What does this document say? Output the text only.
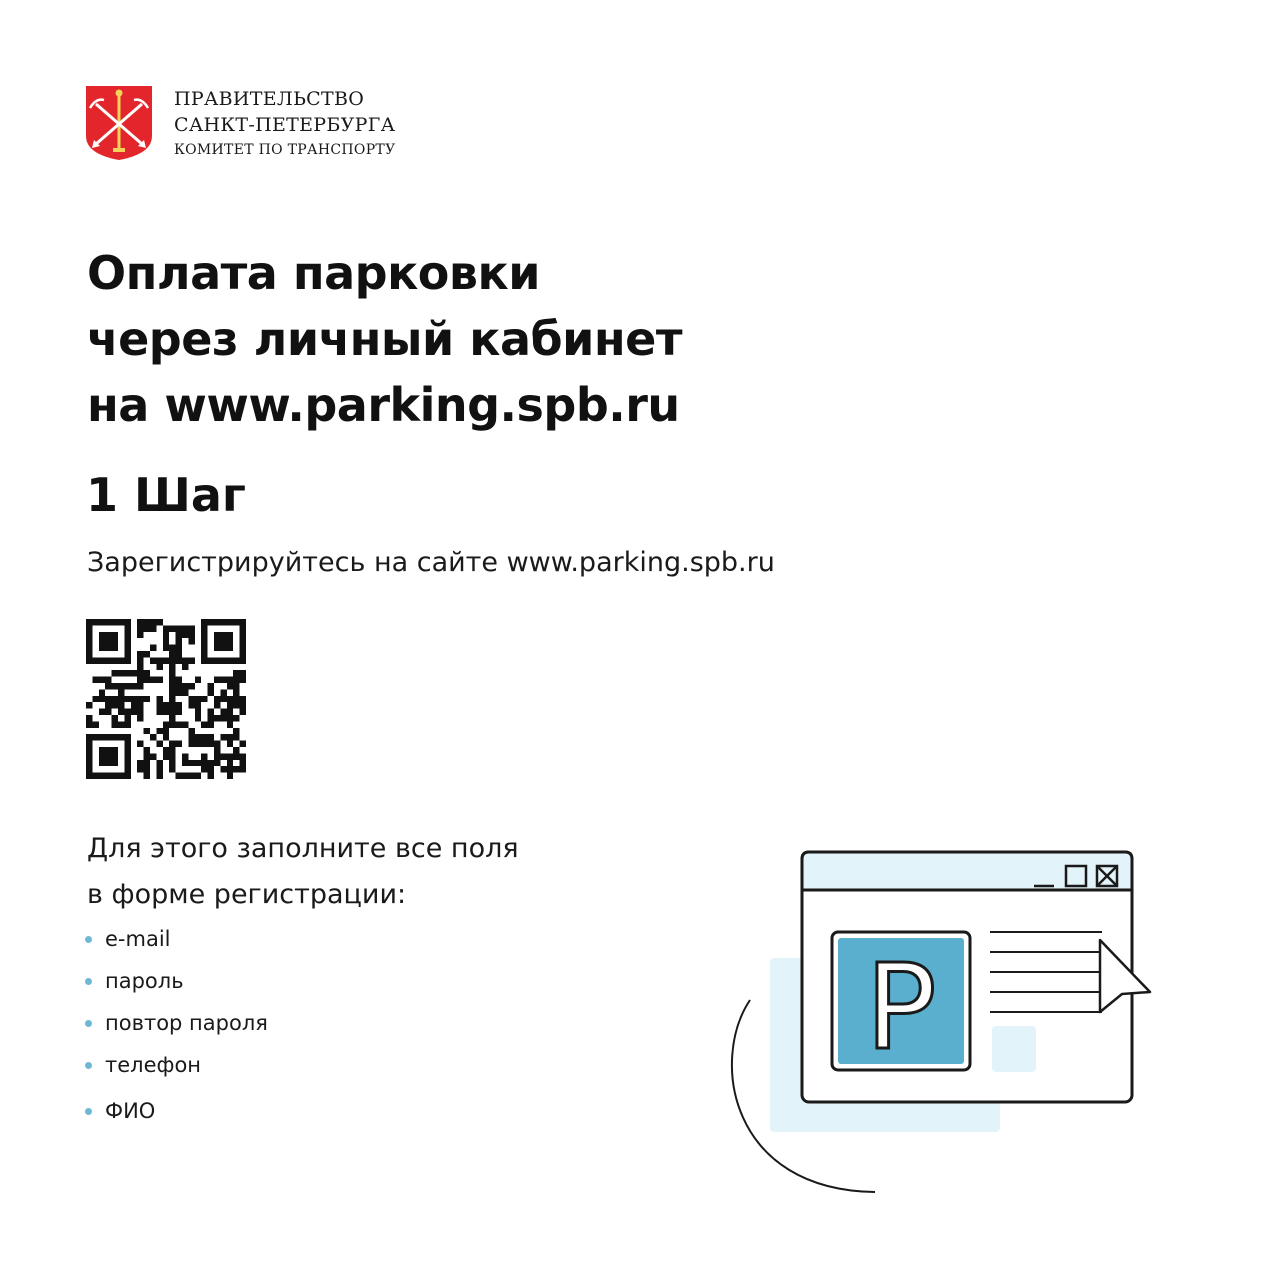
ПРАВИТЕЛЬСТВО
САНКТ-ПЕТЕРБУРГА
КОМИТЕТ ПО ТРАНСПОРТУ
Оплата парковки
через личный кабинет
на www.parking.spb.ru
1 Шаг
Зарегистрируйтесь на сайте www.parking.spb.ru
Для этого заполните все поля
в форме регистрации:
e-mail
пароль
повтор пароля
телефон
ФИО
P
